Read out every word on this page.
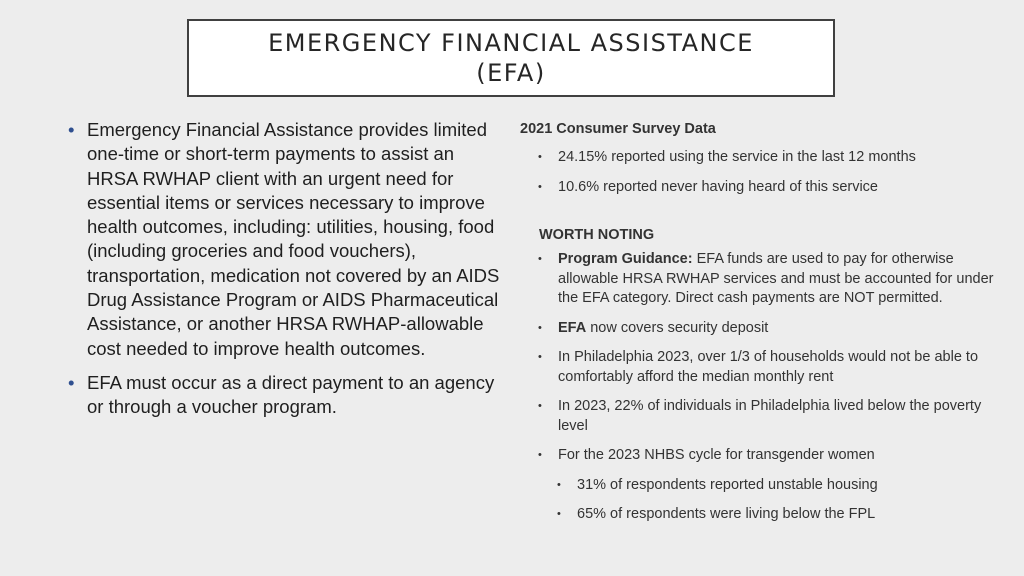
EMERGENCY FINANCIAL ASSISTANCE
(EFA)
• Emergency Financial Assistance provides limited one-time or short-term payments to assist an HRSA RWHAP client with an urgent need for essential items or services necessary to improve health outcomes, including: utilities, housing, food (including groceries and food vouchers), transportation, medication not covered by an AIDS Drug Assistance Program or AIDS Pharmaceutical Assistance, or another HRSA RWHAP-allowable cost needed to improve health outcomes.
• EFA must occur as a direct payment to an agency or through a voucher program.

2021 Consumer Survey Data

• 24.15% reported using the service in the last 12 months
• 10.6% reported never having heard of this service

WORTH NOTING

• Program Guidance: EFA funds are used to pay for otherwise allowable HRSA RWHAP services and must be accounted for under the EFA category. Direct cash payments are NOT permitted.
• EFA now covers security deposit
• In Philadelphia 2023, over 1/3 of households would not be able to comfortably afford the median monthly rent
• In 2023, 22% of individuals in Philadelphia lived below the poverty level
• For the 2023 NHBS cycle for transgender women
• 31% of respondents reported unstable housing
• 65% of respondents were living below the FPL
